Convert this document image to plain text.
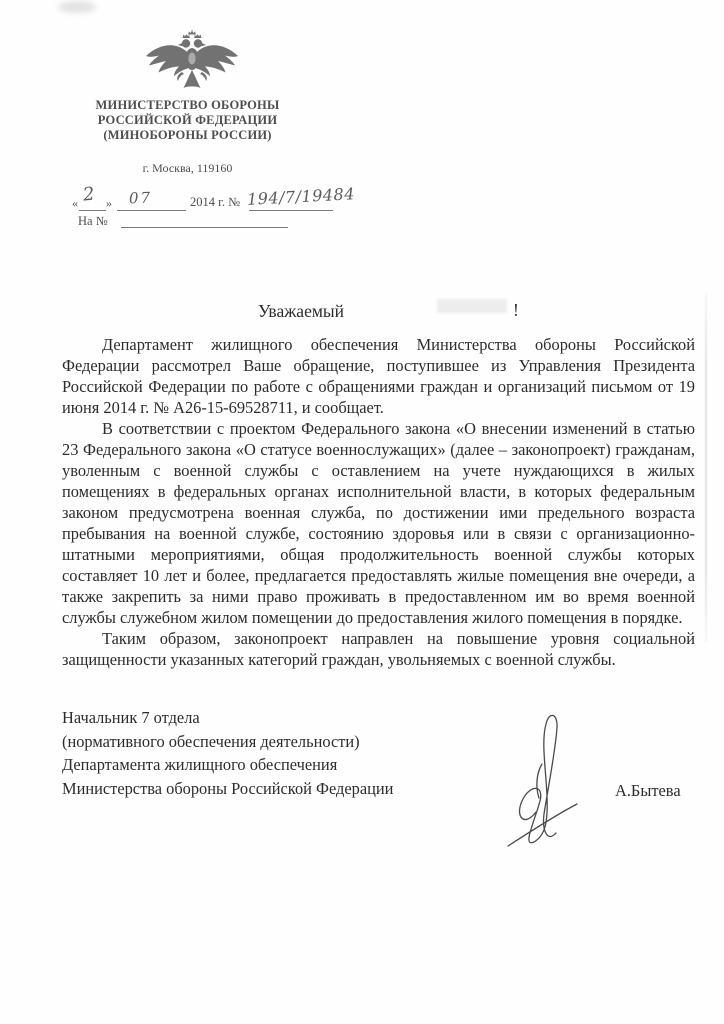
МИНИСТЕРСТВО ОБОРОНЫ
РОССИЙСКОЙ ФЕДЕРАЦИИ
(МИНОБОРОНЫ РОССИИ)
г. Москва, 119160
« 2 » 07	2014 г. № 194/7/19484
На №
Уважаемый	!

Департамент жилищного обеспечения Министерства обороны Российской Федерации рассмотрел Ваше обращение, поступившее из Управления Президента Российской Федерации по работе с обращениями граждан и организаций письмом от 19 июня 2014 г. № А26-15-69528711, и сообщает.

В соответствии с проектом Федерального закона «О внесении изменений в статью 23 Федерального закона «О статусе военнослужащих» (далее – законопроект) гражданам, уволенным с военной службы с оставлением на учете нуждающихся в жилых помещениях в федеральных органах исполнительной власти, в которых федеральным законом предусмотрена военная служба, по достижении ими предельного возраста пребывания на военной службе, состоянию здоровья или в связи с организационно-штатными мероприятиями, общая продолжительность военной службы которых составляет 10 лет и более, предлагается предоставлять жилые помещения вне очереди, а также закрепить за ними право проживать в предоставленном им во время военной службы служебном жилом помещении до предоставления жилого помещения в порядке.

Таким образом, законопроект направлен на повышение уровня социальной защищенности указанных категорий граждан, увольняемых с военной службы.

Начальник 7 отдела
(нормативного обеспечения деятельности)
Департамента жилищного обеспечения
Министерства обороны Российской Федерации	А.Бытева
